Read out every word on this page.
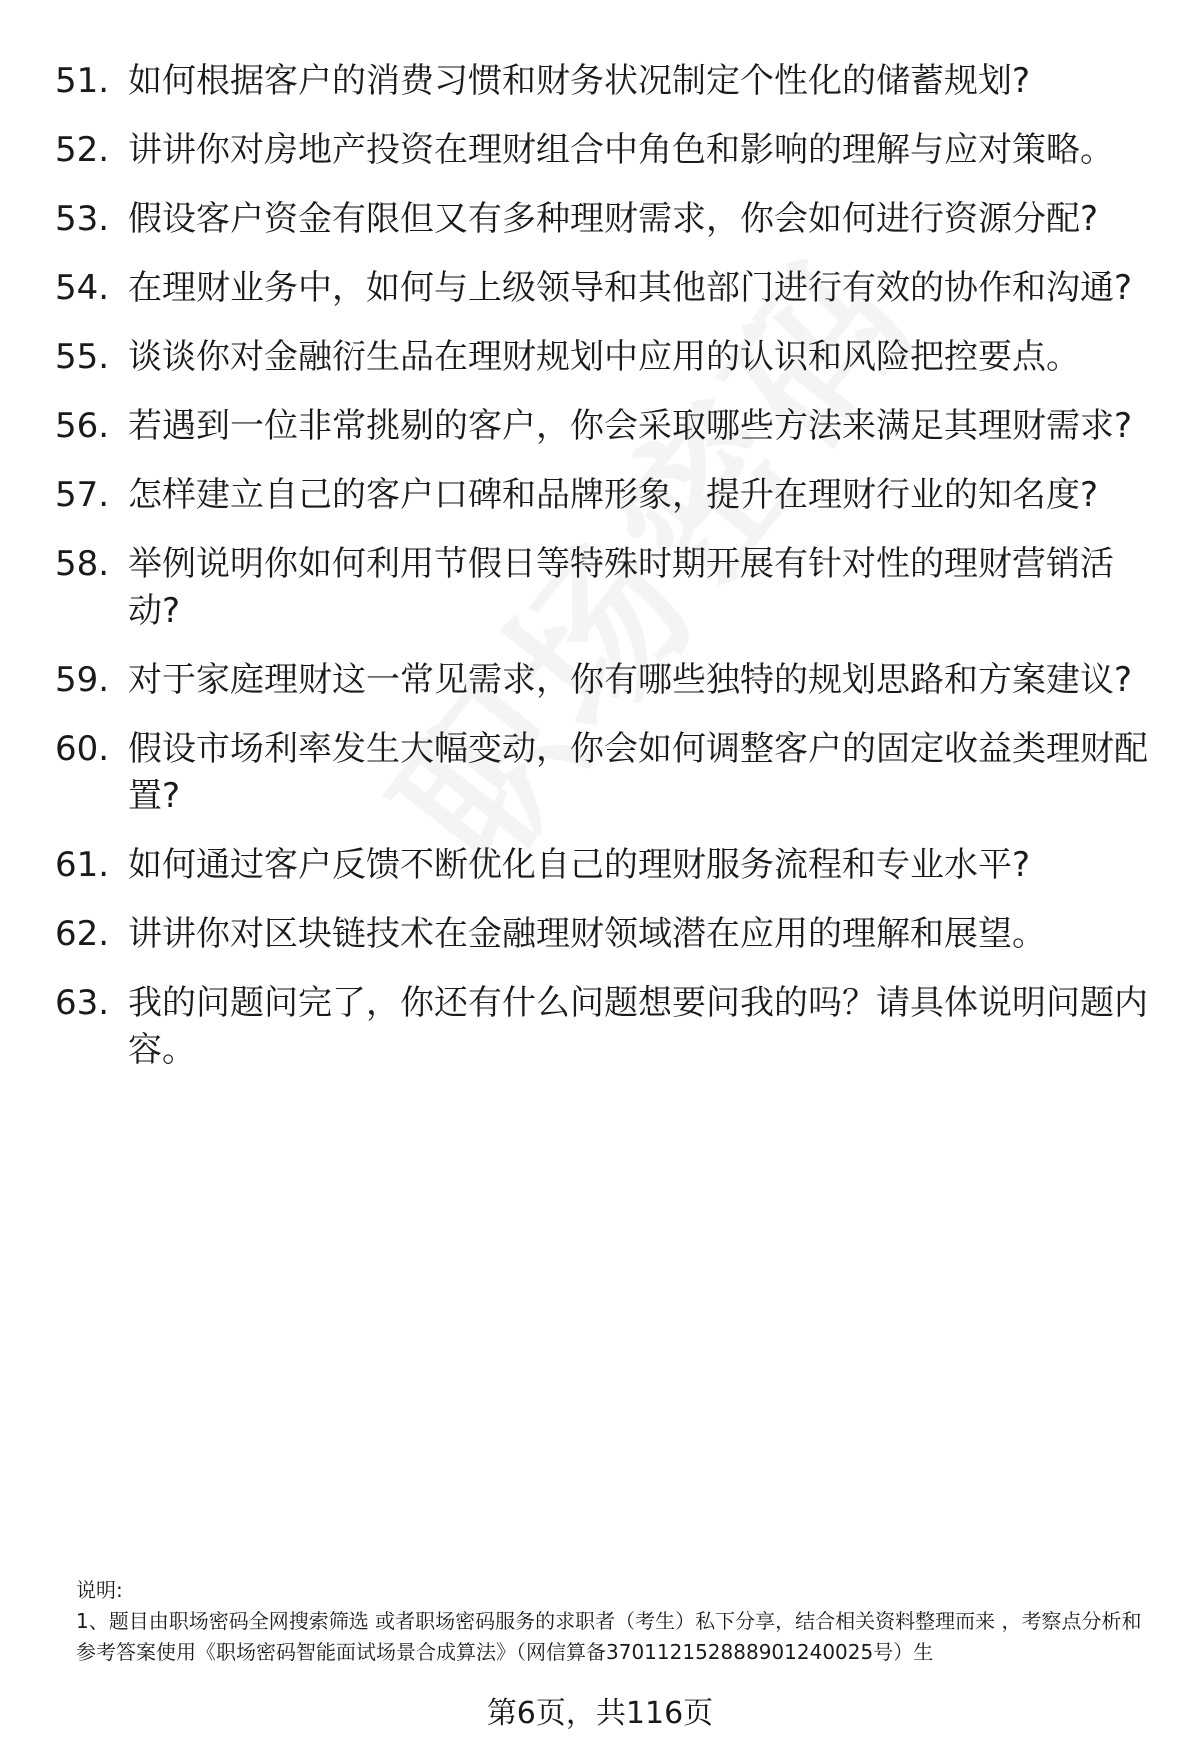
51. 如何根据客户的消费习惯和财务状况制定个性化的储蓄规划?
52. 讲讲你对房地产投资在理财组合中角色和影响的理解与应对策略。
53. 假设客户资金有限但又有多种理财需求，你会如何进行资源分配?
54. 在理财业务中，如何与上级领导和其他部门进行有效的协作和沟通?
55. 谈谈你对金融衍生品在理财规划中应用的认识和风险把控要点。
56. 若遇到一位非常挑剔的客户，你会采取哪些方法来满足其理财需求?
57. 怎样建立自己的客户口碑和品牌形象，提升在理财行业的知名度?
58. 举例说明你如何利用节假日等特殊时期开展有针对性的理财营销活动?
59. 对于家庭理财这一常见需求，你有哪些独特的规划思路和方案建议?
60. 假设市场利率发生大幅变动，你会如何调整客户的固定收益类理财配置?
61. 如何通过客户反馈不断优化自己的理财服务流程和专业水平?
62. 讲讲你对区块链技术在金融理财领域潜在应用的理解和展望。
63. 我的问题问完了，你还有什么问题想要问我的吗？请具体说明问题内容。
说明:
1、题目由职场密码全网搜索筛选 或者职场密码服务的求职者（考生）私下分享，结合相关资料整理而来 ，考察点分析和参考答案使用《职场密码智能面试场景合成算法》（网信算备370112152888901240025号）生
第6页，共116页
